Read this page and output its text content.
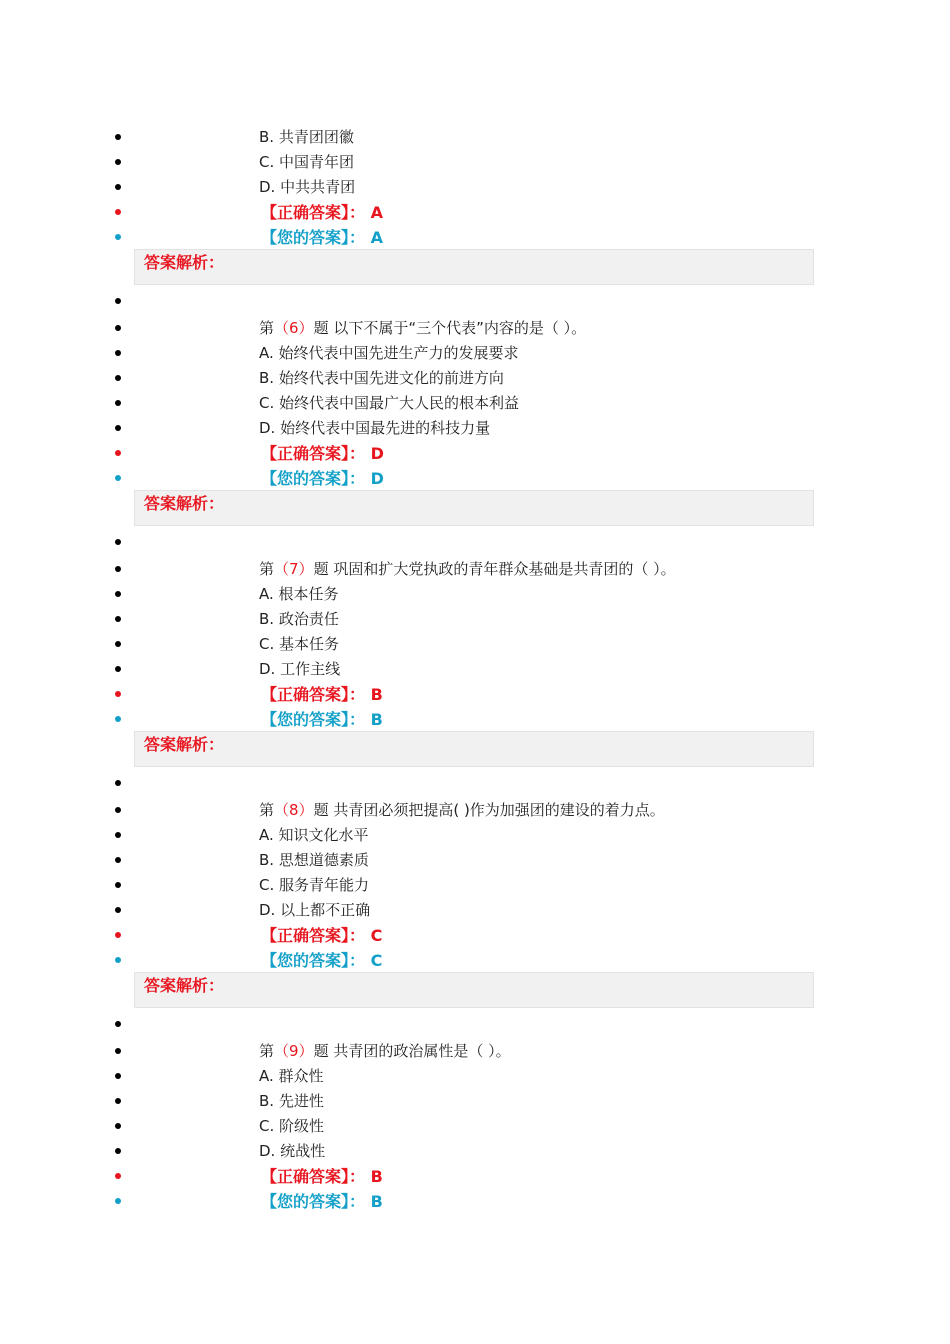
B. 共青团团徽
C. 中国青年团
D. 中共共青团
【正确答案】： A
【您的答案】： A
答案解析：
第（6）题 以下不属于“三个代表”内容的是（ ）。
A. 始终代表中国先进生产力的发展要求
B. 始终代表中国先进文化的前进方向
C. 始终代表中国最广大人民的根本利益
D. 始终代表中国最先进的科技力量
【正确答案】： D
【您的答案】： D
答案解析：
第（7）题 巩固和扩大党执政的青年群众基础是共青团的（ ）。
A. 根本任务
B. 政治责任
C. 基本任务
D. 工作主线
【正确答案】： B
【您的答案】： B
答案解析：
第（8）题 共青团必须把提高( )作为加强团的建设的着力点。
A. 知识文化水平
B. 思想道德素质
C. 服务青年能力
D. 以上都不正确
【正确答案】： C
【您的答案】： C
答案解析：
第（9）题 共青团的政治属性是（ ）。
A. 群众性
B. 先进性
C. 阶级性
D. 统战性
【正确答案】： B
【您的答案】： B
